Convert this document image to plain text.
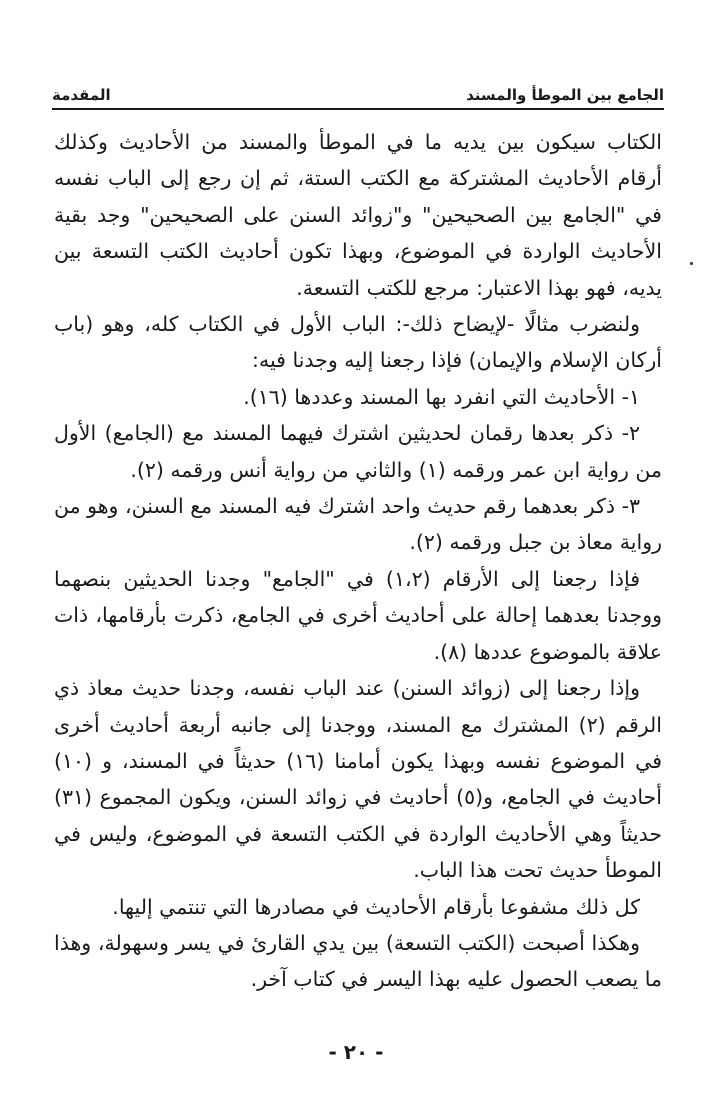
الجامع بين الموطأ والمسند
المقدمة

الكتاب سيكون بين يديه ما في الموطأ والمسند من الأحاديث وكذلك أرقام الأحاديث المشتركة مع الكتب الستة، ثم إن رجع إلى الباب نفسه في "الجامع بين الصحيحين" و"زوائد السنن على الصحيحين" وجد بقية الأحاديث الواردة في الموضوع، وبهذا تكون أحاديث الكتب التسعة بين يديه، فهو بهذا الاعتبار: مرجع للكتب التسعة.

ولنضرب مثالًا -لإيضاح ذلك-: الباب الأول في الكتاب كله، وهو (باب أركان الإسلام والإيمان) فإذا رجعنا إليه وجدنا فيه:

١- الأحاديث التي انفرد بها المسند وعددها (١٦).

٢- ذكر بعدها رقمان لحديثين اشترك فيهما المسند مع (الجامع) الأول من رواية ابن عمر ورقمه (١) والثاني من رواية أنس ورقمه (٢).

٣- ذكر بعدهما رقم حديث واحد اشترك فيه المسند مع السنن، وهو من رواية معاذ بن جبل ورقمه (٢).

فإذا رجعنا إلى الأرقام (١،٢) في "الجامع" وجدنا الحديثين بنصهما ووجدنا بعدهما إحالة على أحاديث أخرى في الجامع، ذكرت بأرقامها، ذات علاقة بالموضوع عددها (٨).

وإذا رجعنا إلى (زوائد السنن) عند الباب نفسه، وجدنا حديث معاذ ذي الرقم (٢) المشترك مع المسند، ووجدنا إلى جانبه أربعة أحاديث أخرى في الموضوع نفسه وبهذا يكون أمامنا (١٦) حديثاً في المسند، و (١٠) أحاديث في الجامع، و(٥) أحاديث في زوائد السنن، ويكون المجموع (٣١) حديثاً وهي الأحاديث الواردة في الكتب التسعة في الموضوع، وليس في الموطأ حديث تحت هذا الباب.

كل ذلك مشفوعا بأرقام الأحاديث في مصادرها التي تنتمي إليها.

وهكذا أصبحت (الكتب التسعة) بين يدي القارئ في يسر وسهولة، وهذا ما يصعب الحصول عليه بهذا اليسر في كتاب آخر.

- ٢٠ -
